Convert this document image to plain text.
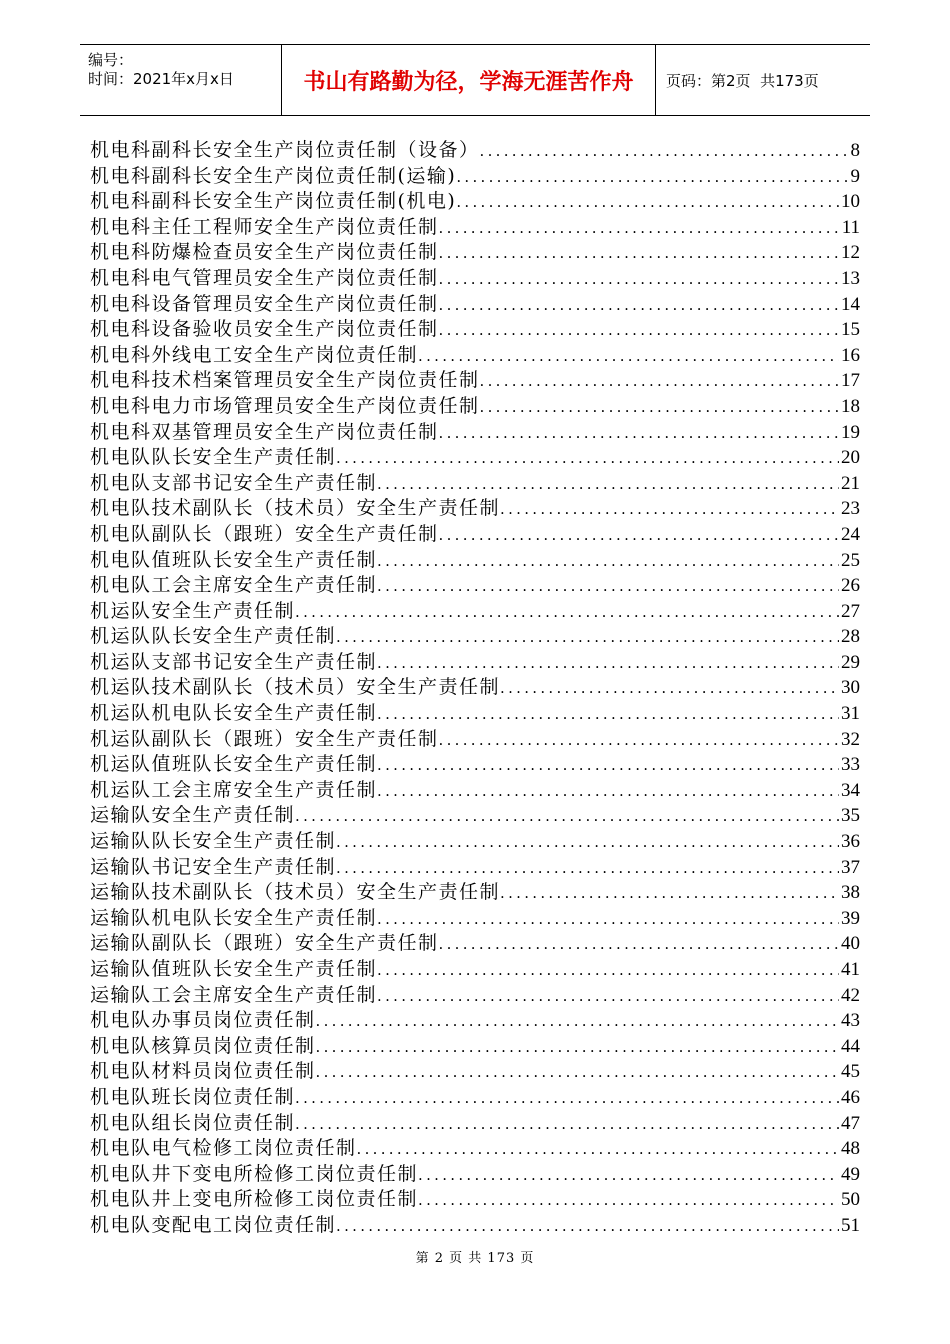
编号：
时间：2021年x月x日	书山有路勤为径，学海无涯苦作舟	页码：第2页  共173页
机电科副科长安全生产岗位责任制（设备） .....	8
机电科副科长安全生产岗位责任制(运输) .....	9
机电科副科长安全生产岗位责任制(机电) .....	10
机电科主任工程师安全生产岗位责任制 .....	11
机电科防爆检查员安全生产岗位责任制 .....	12
机电科电气管理员安全生产岗位责任制 .....	13
机电科设备管理员安全生产岗位责任制 .....	14
机电科设备验收员安全生产岗位责任制 .....	15
机电科外线电工安全生产岗位责任制 .....	16
机电科技术档案管理员安全生产岗位责任制 .....	17
机电科电力市场管理员安全生产岗位责任制 .....	18
机电科双基管理员安全生产岗位责任制 .....	19
机电队队长安全生产责任制 .....	20
机电队支部书记安全生产责任制 .....	21
机电队技术副队长（技术员）安全生产责任制 .....	23
机电队副队长（跟班）安全生产责任制 .....	24
机电队值班队长安全生产责任制 .....	25
机电队工会主席安全生产责任制 .....	26
机运队安全生产责任制 .....	27
机运队队长安全生产责任制 .....	28
机运队支部书记安全生产责任制 .....	29
机运队技术副队长（技术员）安全生产责任制 .....	30
机运队机电队长安全生产责任制 .....	31
机运队副队长（跟班）安全生产责任制 .....	32
机运队值班队长安全生产责任制 .....	33
机运队工会主席安全生产责任制 .....	34
运输队安全生产责任制 .....	35
运输队队长安全生产责任制 .....	36
运输队书记安全生产责任制 .....	37
运输队技术副队长（技术员）安全生产责任制 .....	38
运输队机电队长安全生产责任制 .....	39
运输队副队长（跟班）安全生产责任制 .....	40
运输队值班队长安全生产责任制 .....	41
运输队工会主席安全生产责任制 .....	42
机电队办事员岗位责任制 .....	43
机电队核算员岗位责任制 .....	44
机电队材料员岗位责任制 .....	45
机电队班长岗位责任制 .....	46
机电队组长岗位责任制 .....	47
机电队电气检修工岗位责任制 .....	48
机电队井下变电所检修工岗位责任制 .....	49
机电队井上变电所检修工岗位责任制 .....	50
机电队变配电工岗位责任制 .....	51
第 2 页 共 173 页
